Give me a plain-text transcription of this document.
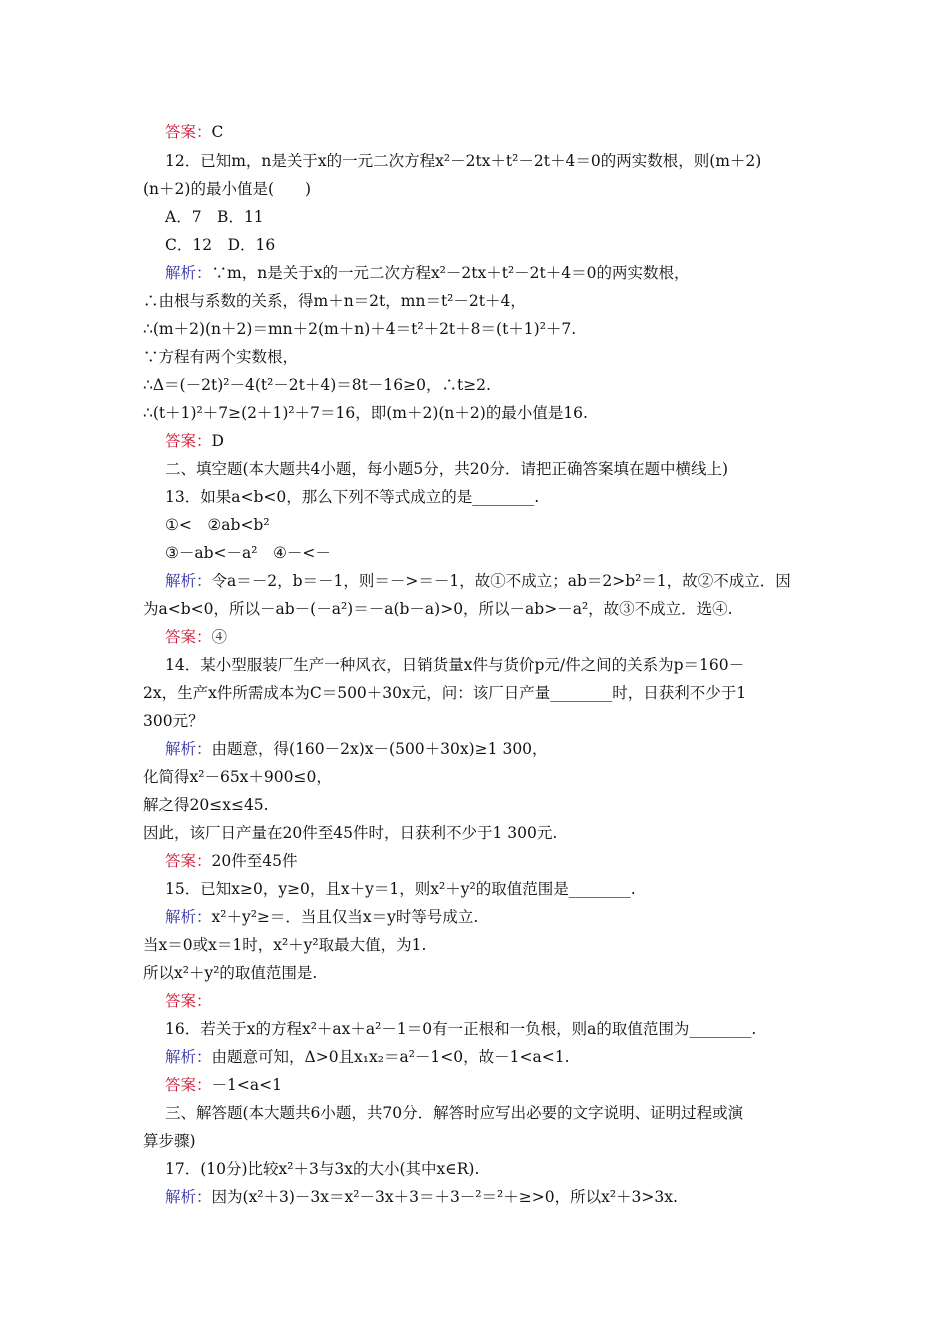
答案：C
12．已知m，n是关于x的一元二次方程x²－2tx＋t²－2t＋4＝0的两实数根，则(m＋2)
(n＋2)的最小值是(　　)
A．7　B．11
C．12　D．16
解析：∵m，n是关于x的一元二次方程x²－2tx＋t²－2t＋4＝0的两实数根，
∴由根与系数的关系，得m＋n＝2t，mn＝t²－2t＋4，
∴(m＋2)(n＋2)＝mn＋2(m＋n)＋4＝t²＋2t＋8＝(t＋1)²＋7.
∵方程有两个实数根，
∴Δ＝(－2t)²－4(t²－2t＋4)＝8t－16≥0，∴t≥2.
∴(t＋1)²＋7≥(2＋1)²＋7＝16，即(m＋2)(n＋2)的最小值是16.
答案：D
二、填空题(本大题共4小题，每小题5分，共20分．请把正确答案填在题中横线上)
13．如果a<b<0，那么下列不等式成立的是________.
①<　②ab<b²
③－ab<－a²　④－<－
解析：令a＝－2，b＝－1，则＝－>＝－1，故①不成立；ab＝2>b²＝1，故②不成立．因
为a<b<0，所以－ab－(－a²)＝－a(b－a)>0，所以－ab>－a²，故③不成立．选④.
答案：④
14．某小型服装厂生产一种风衣，日销货量x件与货价p元/件之间的关系为p＝160－
2x，生产x件所需成本为C＝500＋30x元，问：该厂日产量________时，日获利不少于1
300元？
解析：由题意，得(160－2x)x－(500＋30x)≥1 300，
化简得x²－65x＋900≤0，
解之得20≤x≤45.
因此，该厂日产量在20件至45件时，日获利不少于1 300元.
答案：20件至45件
15．已知x≥0，y≥0，且x＋y＝1，则x²＋y²的取值范围是________.
解析：x²＋y²≥＝．当且仅当x＝y时等号成立.
当x＝0或x＝1时，x²＋y²取最大值，为1.
所以x²＋y²的取值范围是.
答案：
16．若关于x的方程x²＋ax＋a²－1＝0有一正根和一负根，则a的取值范围为________.
解析：由题意可知，Δ>0且x₁x₂＝a²－1<0，故－1<a<1.
答案：－1<a<1
三、解答题(本大题共6小题，共70分．解答时应写出必要的文字说明、证明过程或演
算步骤)
17．(10分)比较x²＋3与3x的大小(其中x∈R).
解析：因为(x²＋3)－3x＝x²－3x＋3＝＋3－²＝²＋≥>0，所以x²＋3>3x.
